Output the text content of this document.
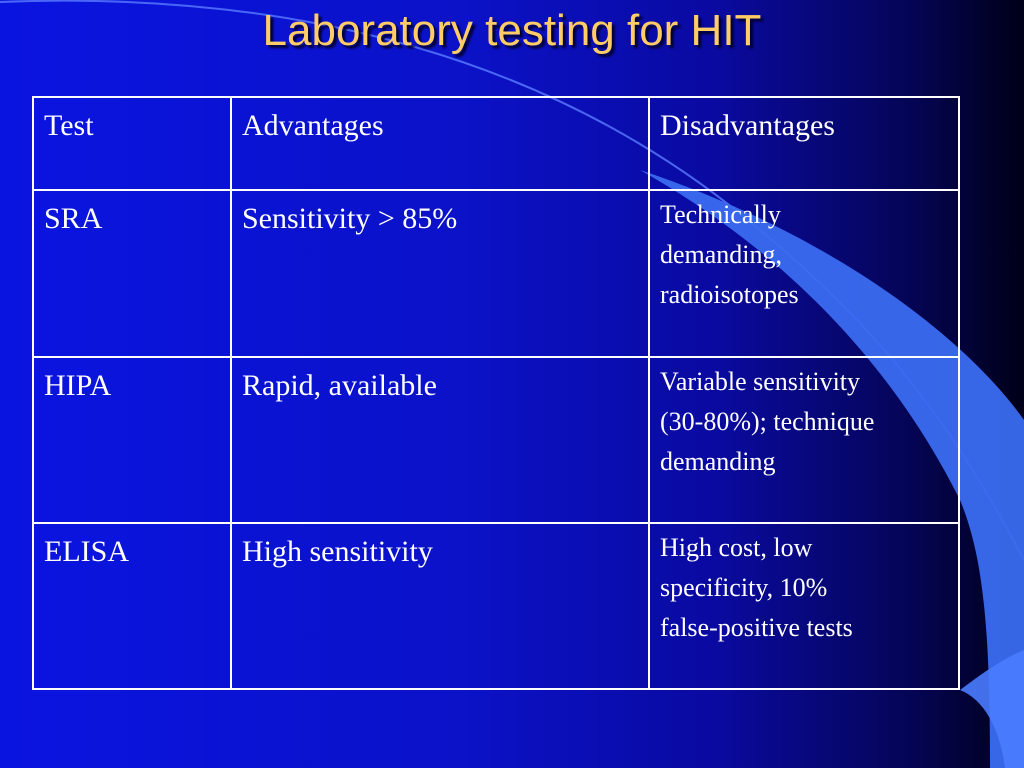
Laboratory testing for HIT
Test	Advantages	Disadvantages
SRA	Sensitivity > 85%	Technically
demanding,
radioisotopes
HIPA	Rapid, available	Variable sensitivity
(30-80%); technique
demanding
ELISA	High sensitivity	High cost, low
specificity, 10%
false-positive tests
